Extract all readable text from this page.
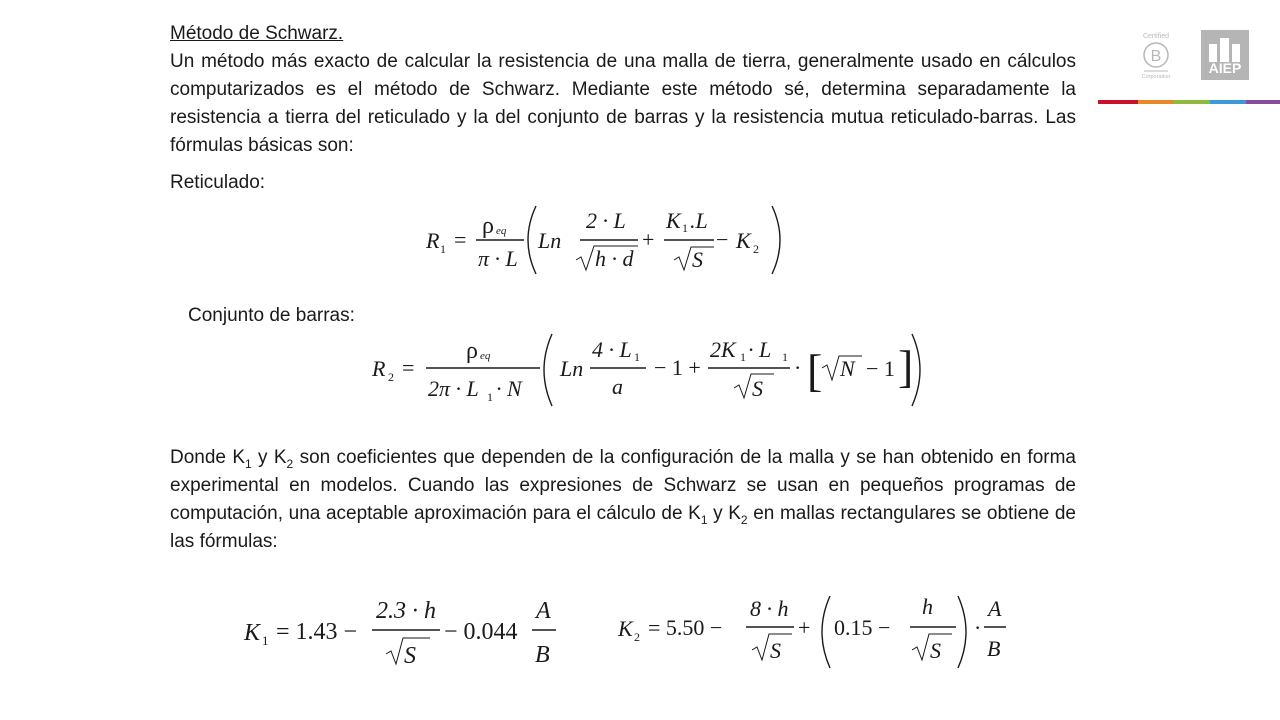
Certified
B
Corporation
AIEP
Método de Schwarz.
Un método más exacto de calcular la resistencia de una malla de tierra, generalmente usado en cálculos computarizados es el método de Schwarz. Mediante este método sé, determina separadamente la resistencia a tierra del reticulado y la del conjunto de barras y la resistencia mutua reticulado-barras. Las fórmulas básicas son:
Reticulado:
Conjunto de barras:
Donde $K_1$ y $K_2$ son coeficientes que dependen de la configuración de la malla y se han obtenido en forma experimental en modelos. Cuando las expresiones de Schwarz se usan en pequeños programas de computación, una aceptable aproximación para el cálculo de $K_1$ y $K_2$ en mallas rectangulares se obtiene de las fórmulas:
R 1 =
ρ eq
π · L
Ln
2 · L
h · d
+
K 1 .L
S
− K 2
R 2 =
ρ eq
2π · L 1 · N
Ln
4 · L 1
a
− 1 +
2K 1 · L 1
S
· [ N − 1 ]
K 1 = 1.43 −
2.3 · h
S
− 0.044
A
B
K 2 = 5.50 −
8 · h
S
+ 0.15 −
h
S
·
A
B
